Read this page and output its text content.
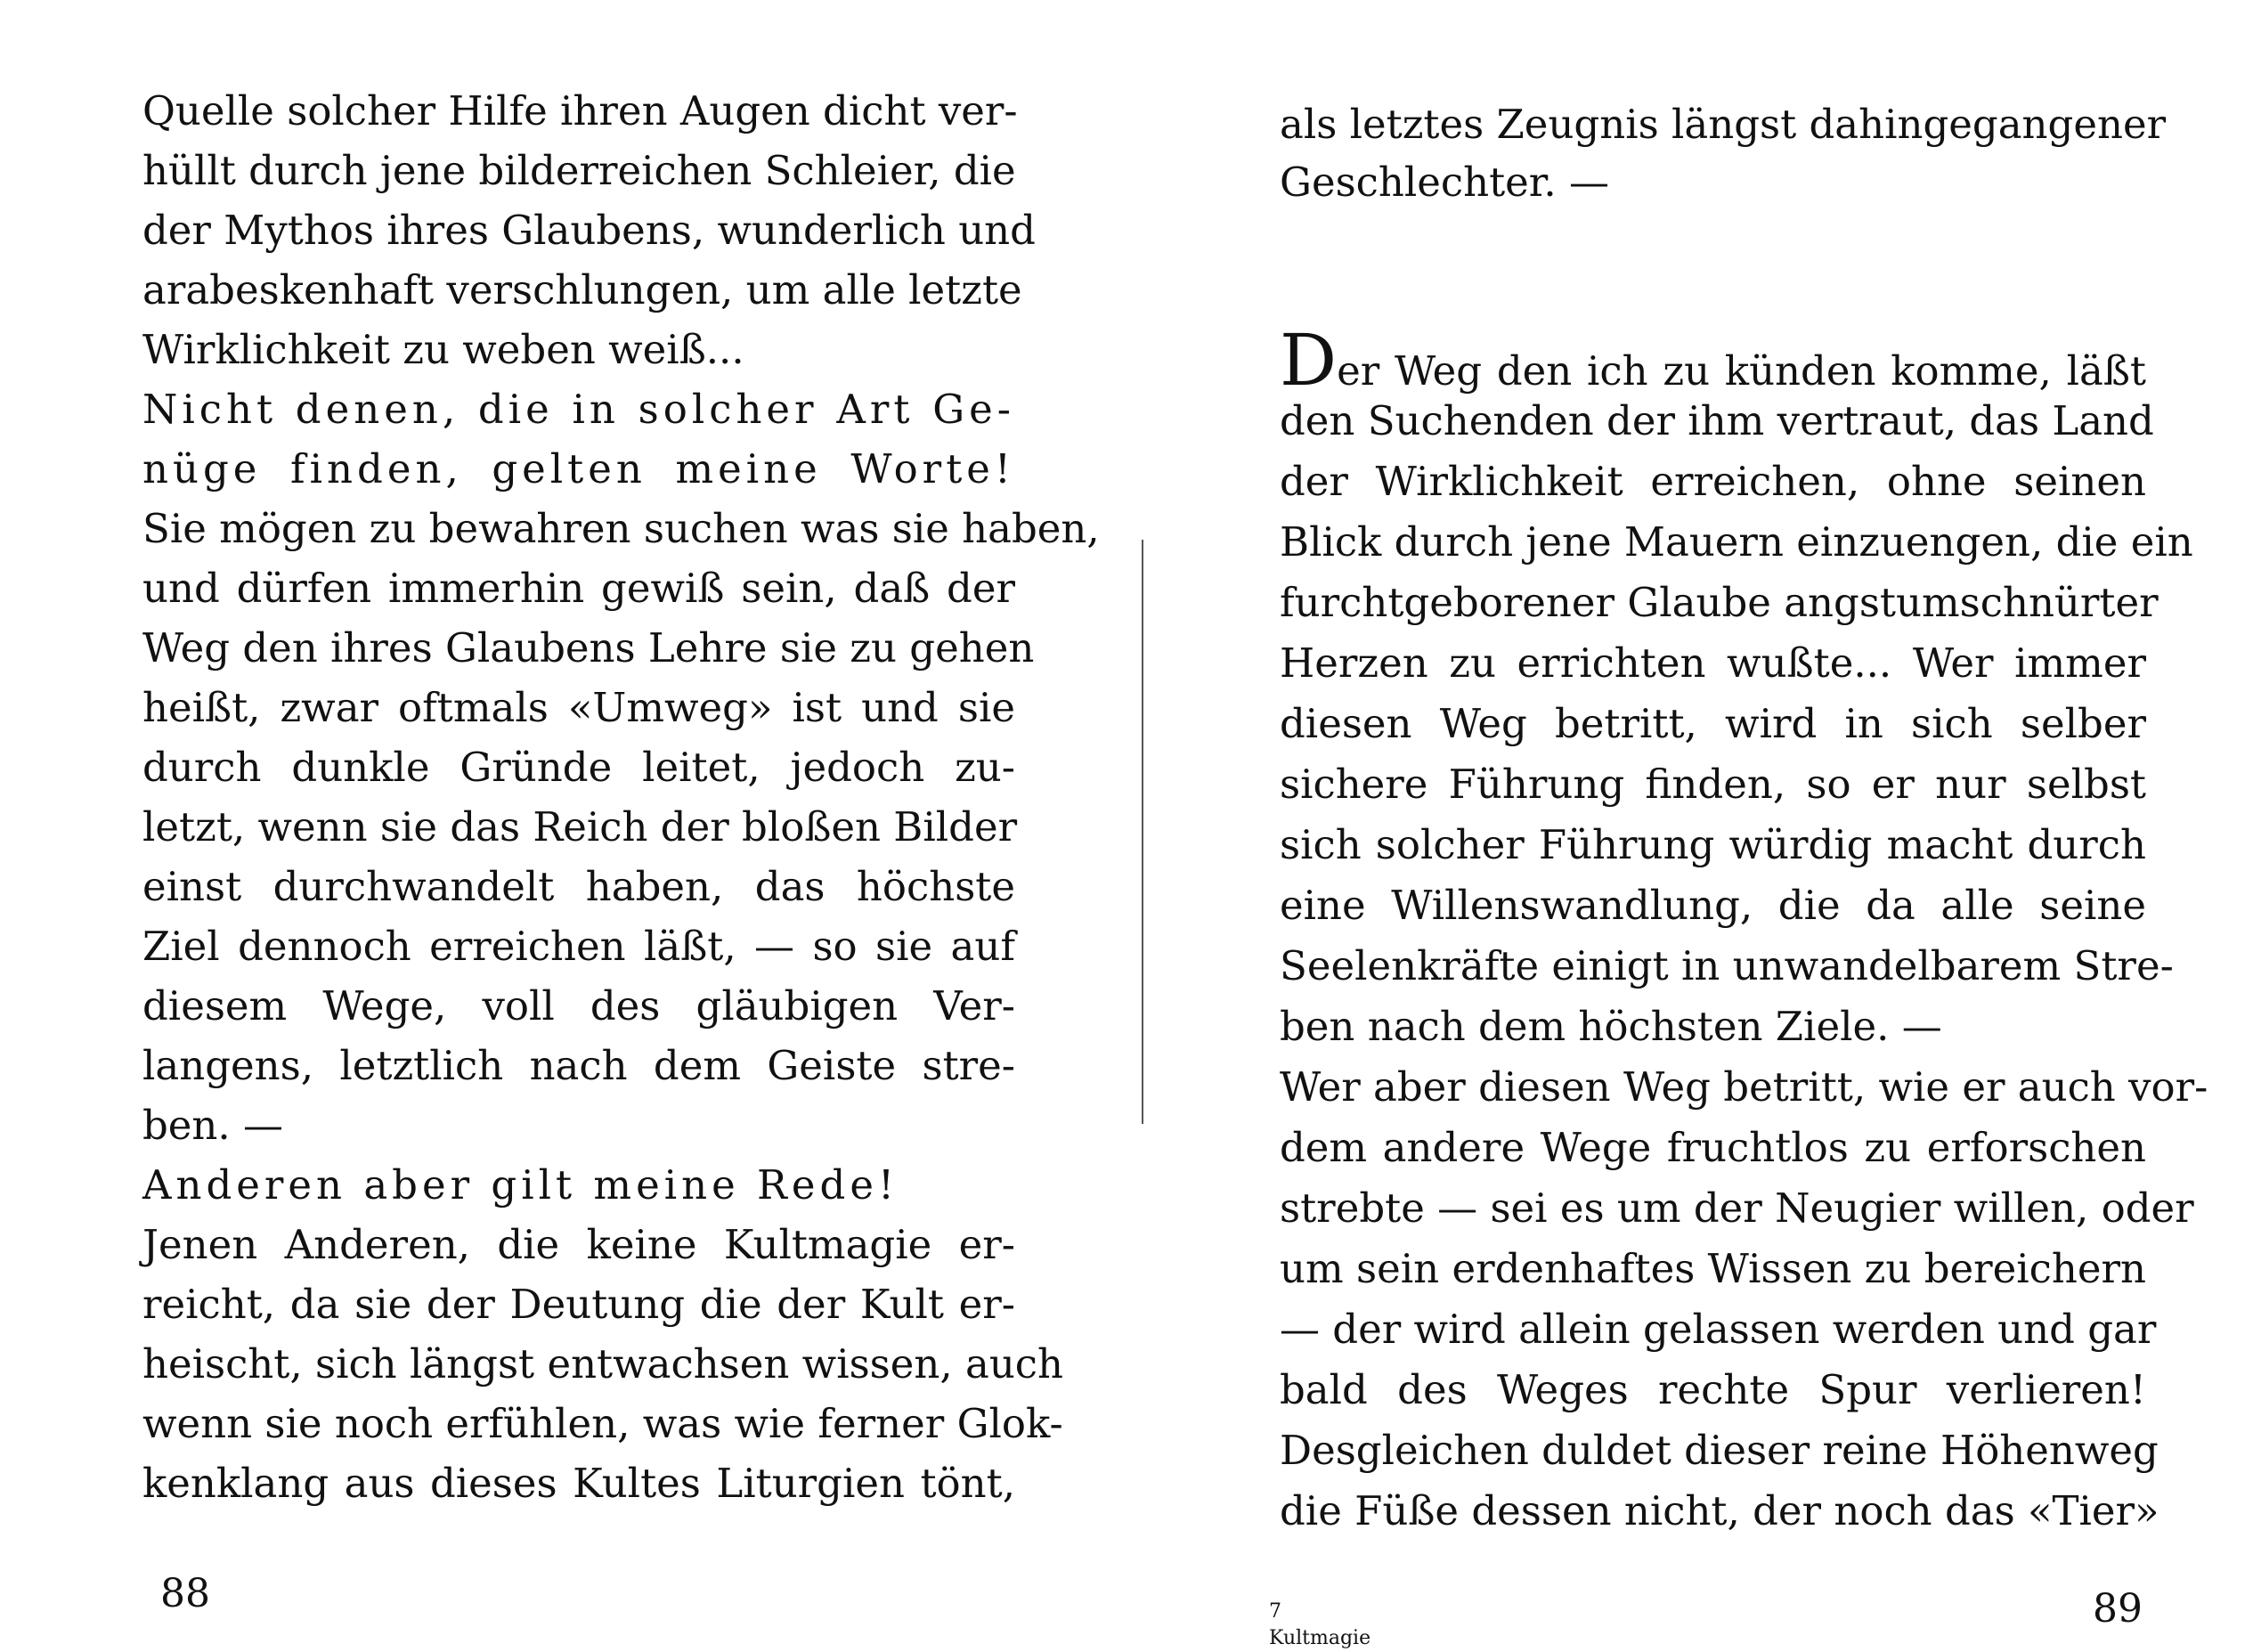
Quelle solcher Hilfe ihren Augen dicht ver-
hüllt durch jene bilderreichen Schleier, die
der Mythos ihres Glaubens, wunderlich und
arabeskenhaft verschlungen, um alle letzte
Wirklichkeit zu weben weiß...
Nicht denen, die in solcher Art Ge-
nüge finden, gelten meine Worte!
Sie mögen zu bewahren suchen was sie haben,
und dürfen immerhin gewiß sein, daß der
Weg den ihres Glaubens Lehre sie zu gehen
heißt, zwar oftmals «Umweg» ist und sie
durch dunkle Gründe leitet, jedoch zu-
letzt, wenn sie das Reich der bloßen Bilder
einst durchwandelt haben, das höchste
Ziel dennoch erreichen läßt, — so sie auf
diesem Wege, voll des gläubigen Ver-
langens, letztlich nach dem Geiste stre-
ben. —
Anderen aber gilt meine Rede!
Jenen Anderen, die keine Kultmagie er-
reicht, da sie der Deutung die der Kult er-
heischt, sich längst entwachsen wissen, auch
wenn sie noch erfühlen, was wie ferner Glok-
kenklang aus dieses Kultes Liturgien tönt,
88
als letztes Zeugnis längst dahingegangener
Geschlechter. —
Der Weg den ich zu künden komme, läßt
den Suchenden der ihm vertraut, das Land
der Wirklichkeit erreichen, ohne seinen
Blick durch jene Mauern einzuengen, die ein
furchtgeborener Glaube angstumschnürter
Herzen zu errichten wußte... Wer immer
diesen Weg betritt, wird in sich selber
sichere Führung finden, so er nur selbst
sich solcher Führung würdig macht durch
eine Willenswandlung, die da alle seine
Seelenkräfte einigt in unwandelbarem Stre-
ben nach dem höchsten Ziele. —
Wer aber diesen Weg betritt, wie er auch vor-
dem andere Wege fruchtlos zu erforschen
strebte — sei es um der Neugier willen, oder
um sein erdenhaftes Wissen zu bereichern
— der wird allein gelassen werden und gar
bald des Weges rechte Spur verlieren!
Desgleichen duldet dieser reine Höhenweg
die Füße dessen nicht, der noch das «Tier»
7 Kultmagie
89
